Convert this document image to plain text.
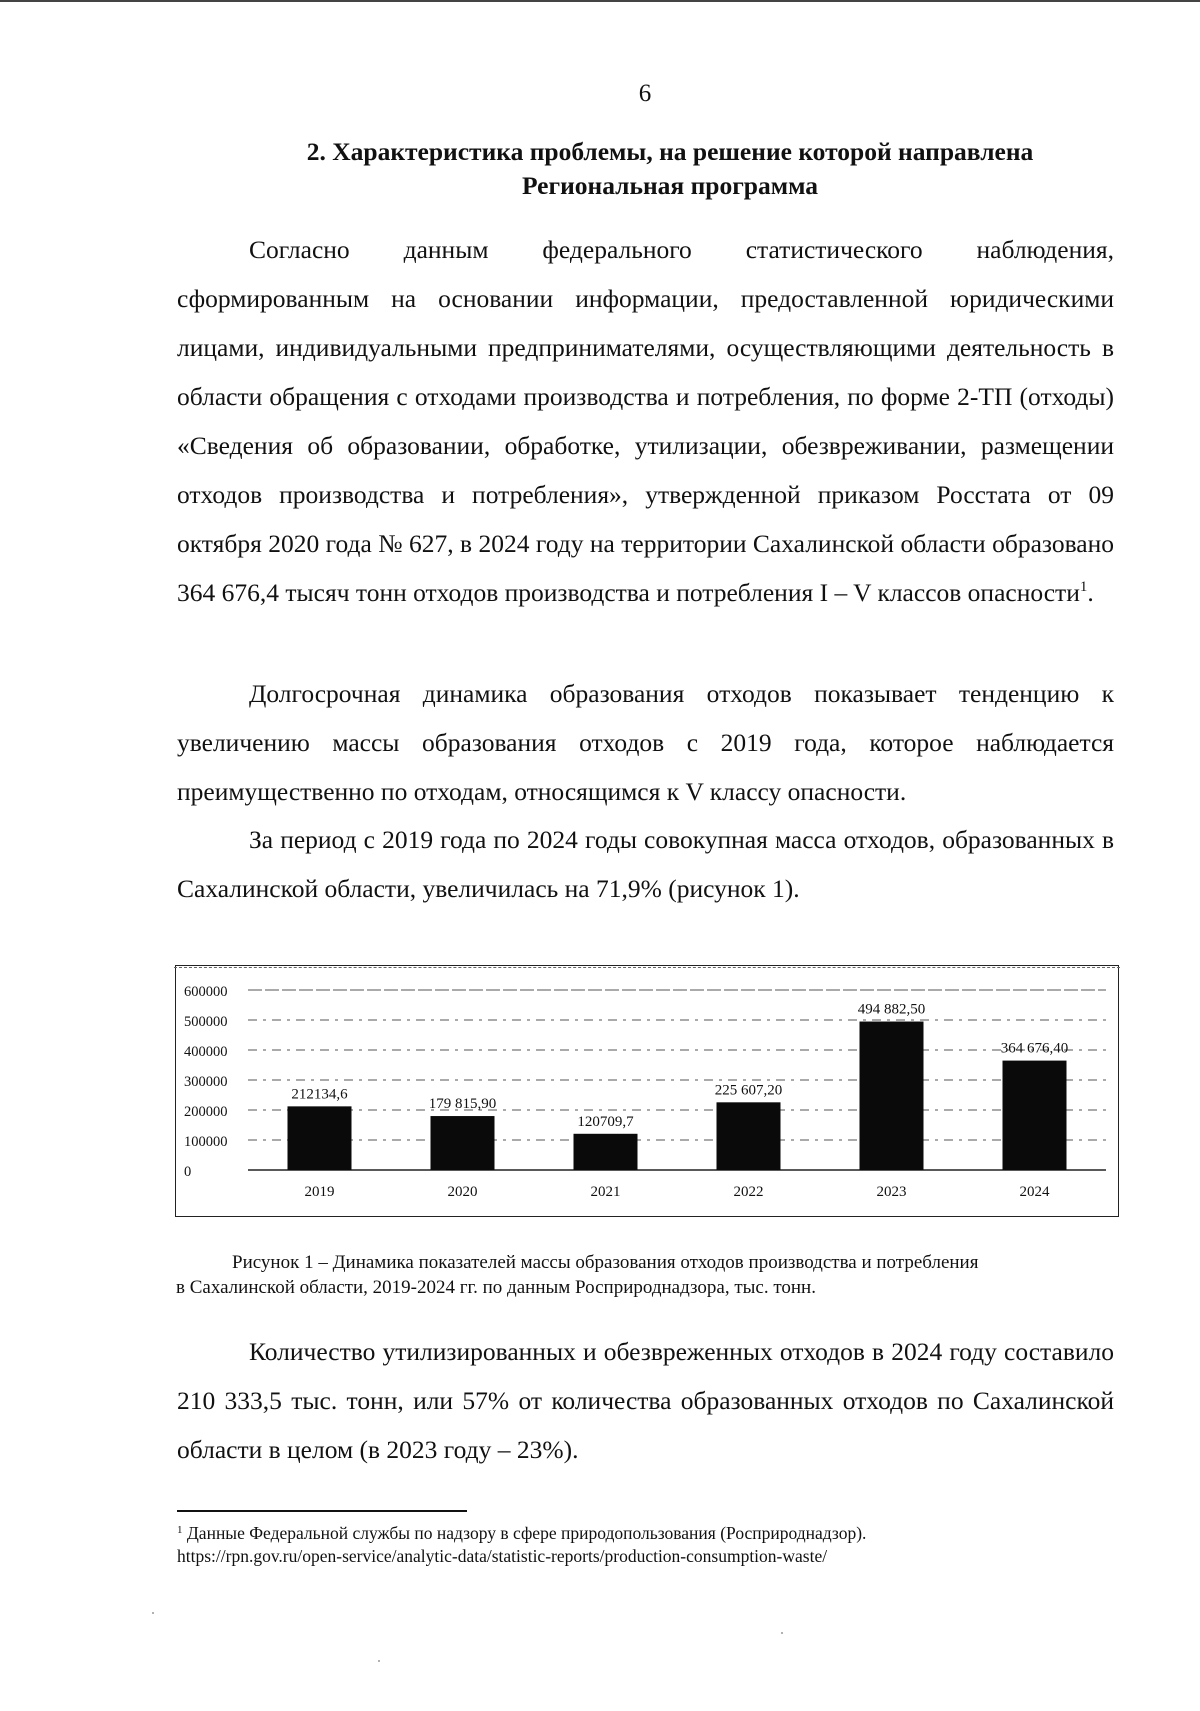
6
2. Характеристика проблемы, на решение которой направлена
Региональная программа

Согласно данным федерального статистического наблюдения, сформированным на основании информации, предоставленной юридическими лицами, индивидуальными предпринимателями, осуществляющими деятельность в области обращения с отходами производства и потребления, по форме 2-ТП (отходы) «Сведения об образовании, обработке, утилизации, обезвреживании, размещении отходов производства и потребления», утвержденной приказом Росстата от 09 октября 2020 года № 627, в 2024 году на территории Сахалинской области образовано 364 676,4 тысяч тонн отходов производства и потребления I – V классов опасности$^1$.

Долгосрочная динамика образования отходов показывает тенденцию к увеличению массы образования отходов с 2019 года, которое наблюдается преимущественно по отходам, относящимся к V классу опасности.

За период с 2019 года по 2024 годы совокупная масса отходов, образованных в Сахалинской области, увеличилась на 71,9% (рисунок 1).

0
100000
200000
300000
400000
500000
600000
212134,6
2019
179 815,90
2020
120709,7
2021
225 607,20
2022
494 882,50
2023
364 676,40
2024
Рисунок 1 – Динамика показателей массы образования отходов производства и потребления
в Сахалинской области, 2019-2024 гг. по данным Росприроднадзора, тыс. тонн.

Количество утилизированных и обезвреженных отходов в 2024 году составило 210 333,5 тыс. тонн, или 57% от количества образованных отходов по Сахалинской области в целом (в 2023 году – 23%).

$^1$ Данные Федеральной службы по надзору в сфере природопользования (Росприроднадзор).
https://rpn.gov.ru/open-service/analytic-data/statistic-reports/production-consumption-waste/
